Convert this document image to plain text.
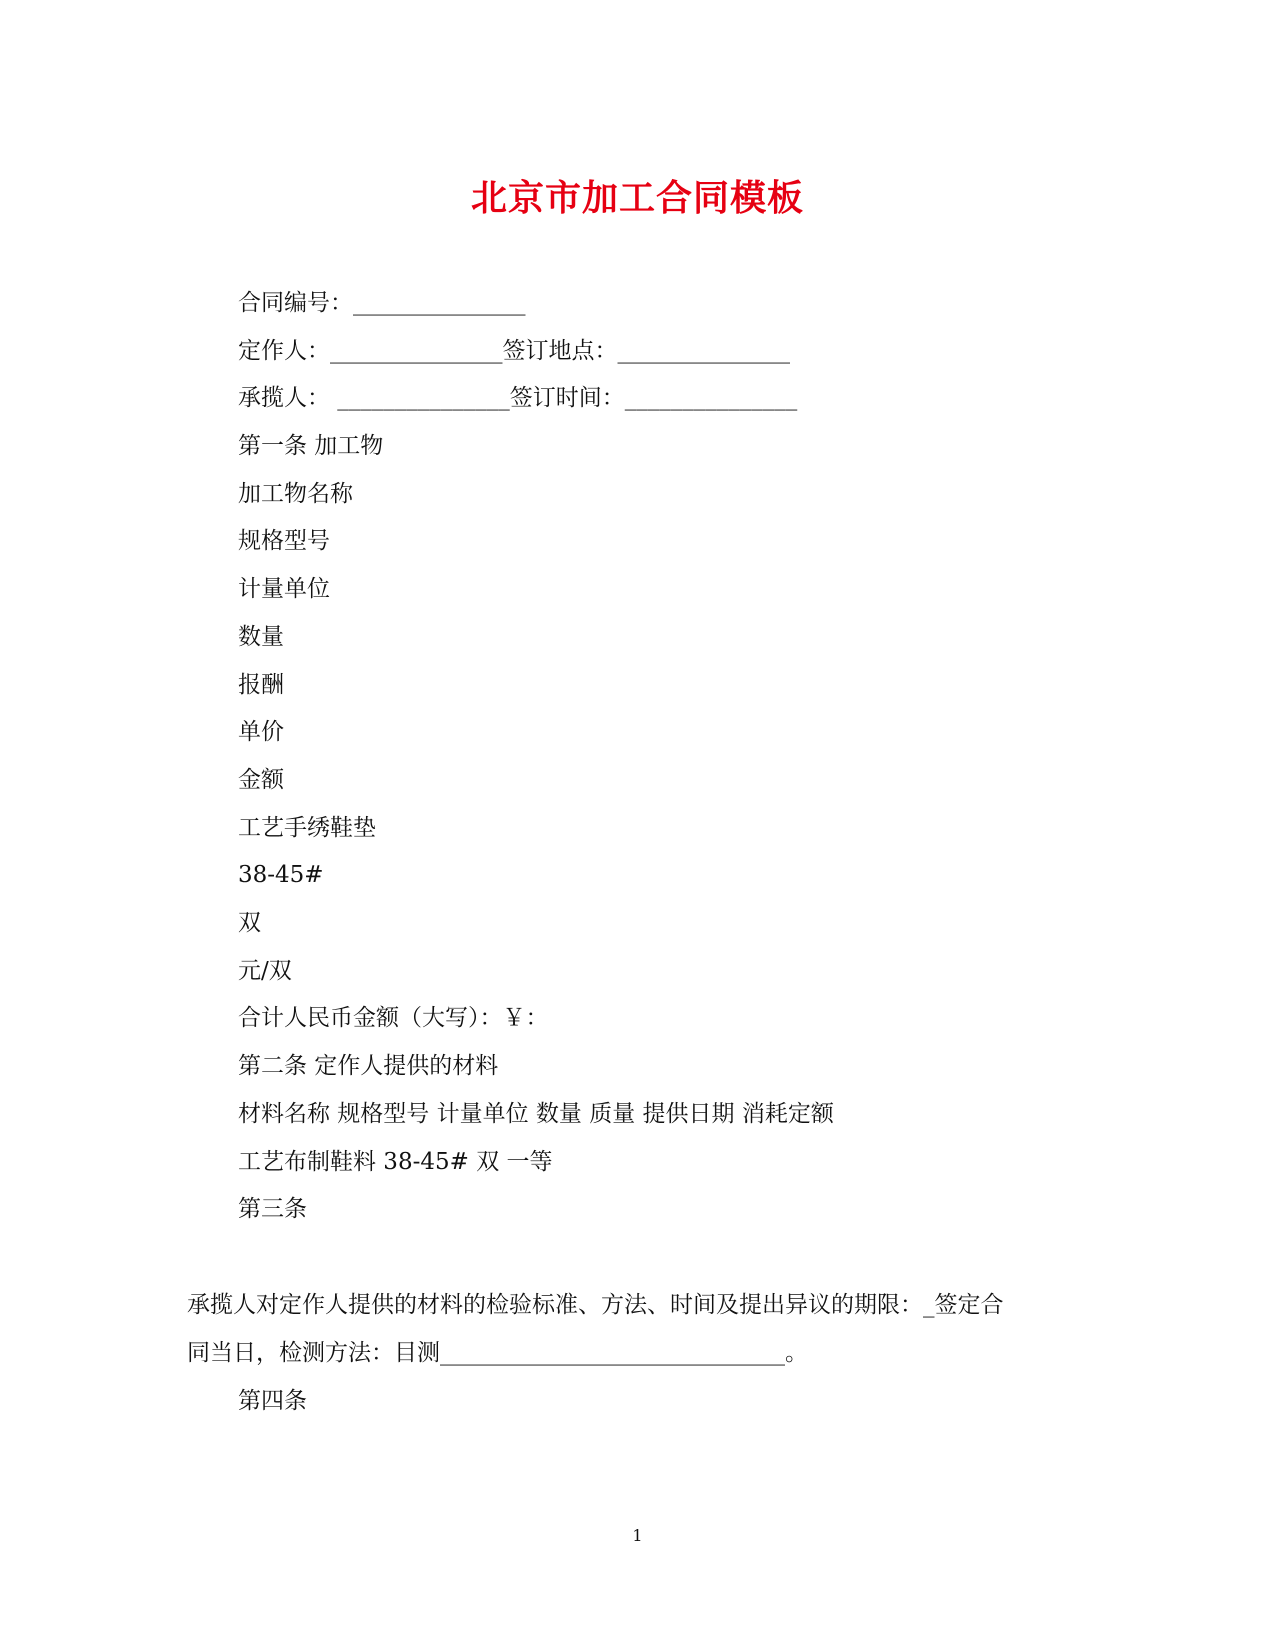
北京市加工合同模板
合同编号：_______________
定作人：_______________签订地点：_______________
承揽人： _______________签订时间：_______________
第一条 加工物
加工物名称
规格型号
计量单位
数量
报酬
单价
金额
工艺手绣鞋垫
38-45#
双
元/双
合计人民币金额（大写）：￥：
第二条 定作人提供的材料
材料名称 规格型号 计量单位 数量 质量 提供日期 消耗定额
工艺布制鞋料 38-45# 双 一等
第三条
承揽人对定作人提供的材料的检验标准、方法、时间及提出异议的期限：_签定合
同当日，检测方法：目测______________________________。
第四条
1
